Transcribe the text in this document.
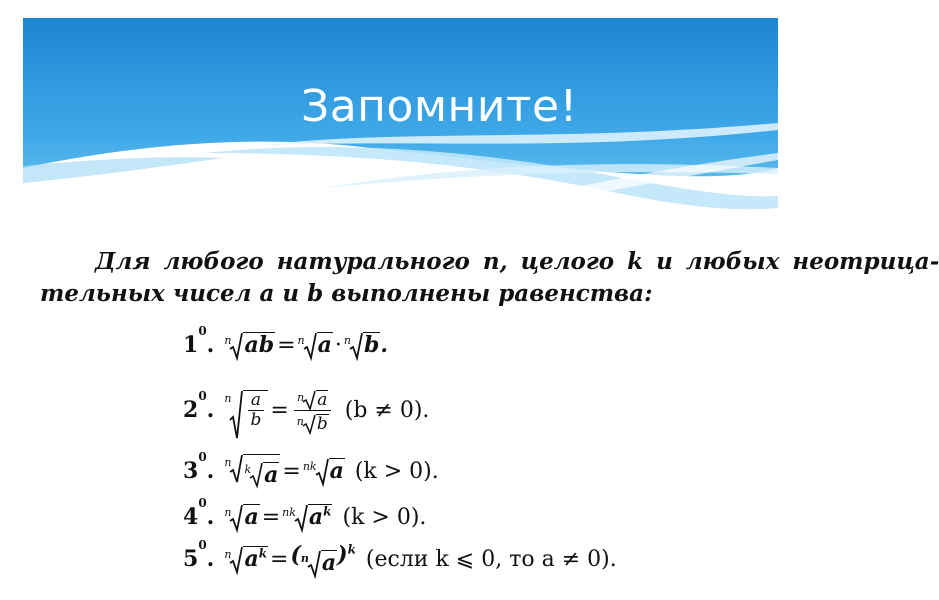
Запомните!
Для любого натурального n, целого k и любых неотрица-
тельных чисел a и b выполнены равенства:
$1^0$. n ab = n a · n b .
$2^0$. n $\frac{a}{b} = \frac{\text{n a}}{\text{n b}} (b \ne 0)$.
$3^0$. n
k a = nk a (k > 0).
$4^0$. n a = nk $a^k$ (k > 0).
$5^0$. n $a^k$ = ( n a )$^k$ (если k ⩽ 0, то a ≠ 0).
